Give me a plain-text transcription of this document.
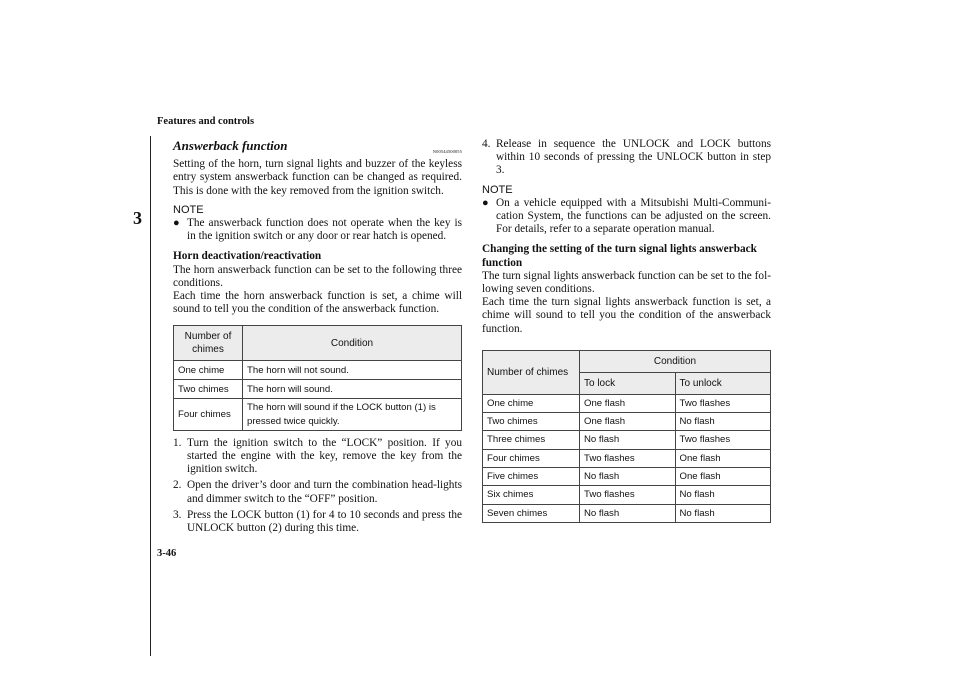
Features and controls
3
Answerback function	N00544500055

Setting of the horn, turn signal lights and buzzer of the keyless entry system answerback function can be changed as required. This is done with the key removed from the ignition switch.

NOTE
● The answerback function does not operate when the key is in the ignition switch or any door or rear hatch is opened.
Horn deactivation/reactivation

The horn answerback function can be set to the following three conditions.

Each time the horn answerback function is set, a chime will sound to tell you the condition of the answerback function.

Number of chimes	Condition
One chime	The horn will not sound.
Two chimes	The horn will sound.
Four chimes	The horn will sound if the LOCK button (1) is pressed twice quickly.
1. Turn the ignition switch to the “LOCK” position. If you started the engine with the key, remove the key from the ignition switch.
2. Open the driver’s door and turn the combination head-lights and dimmer switch to the “OFF” position.
3. Press the LOCK button (1) for 4 to 10 seconds and press the UNLOCK button (2) during this time.
4. Release in sequence the UNLOCK and LOCK buttons within 10 seconds of pressing the UNLOCK button in step 3.
NOTE
● On a vehicle equipped with a Mitsubishi Multi-Communi-cation System, the functions can be adjusted on the screen. For details, refer to a separate operation manual.
Changing the setting of the turn signal lights answerback function

The turn signal lights answerback function can be set to the fol-lowing seven conditions.

Each time the turn signal lights answerback function is set, a chime will sound to tell you the condition of the answerback function.

Number of chimes	Condition	
	To lock	To unlock
One chime	One flash	Two flashes
Two chimes	One flash	No flash
Three chimes	No flash	Two flashes
Four chimes	Two flashes	One flash
Five chimes	No flash	One flash
Six chimes	Two flashes	No flash
Seven chimes	No flash	No flash
3-46
